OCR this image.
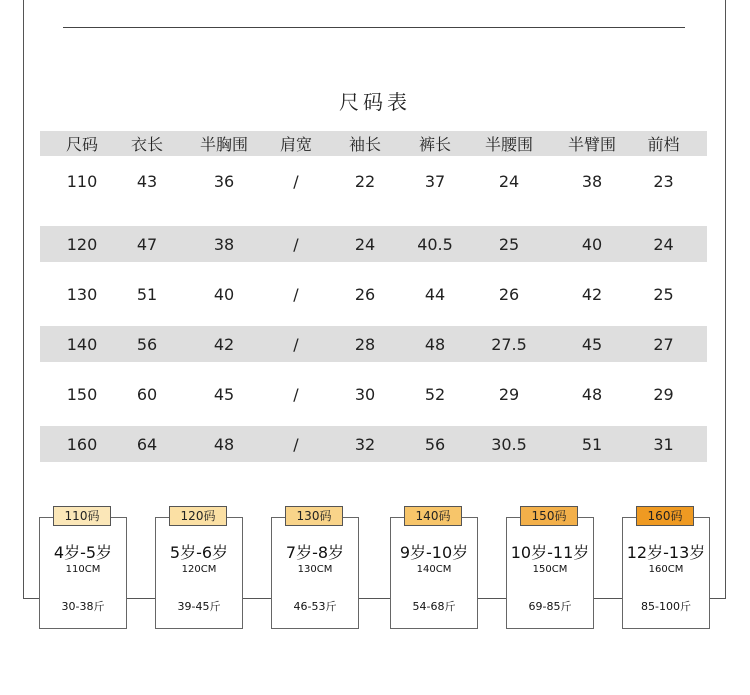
尺码表
尺码	衣长	半胸围	肩宽	袖长	裤长	半腰围	半臂围	前档
110	43	36	/	22	37	24	38	23
120	47	38	/	24	40.5	25	40	24
130	51	40	/	26	44	26	42	25
140	56	42	/	28	48	27.5	45	27
150	60	45	/	30	52	29	48	29
160	64	48	/	32	56	30.5	51	31
4岁-5岁
110CM
30-38斤
110码
5岁-6岁
120CM
39-45斤
120码
7岁-8岁
130CM
46-53斤
130码
9岁-10岁
140CM
54-68斤
140码
10岁-11岁
150CM
69-85斤
150码
12岁-13岁
160CM
85-100斤
160码
